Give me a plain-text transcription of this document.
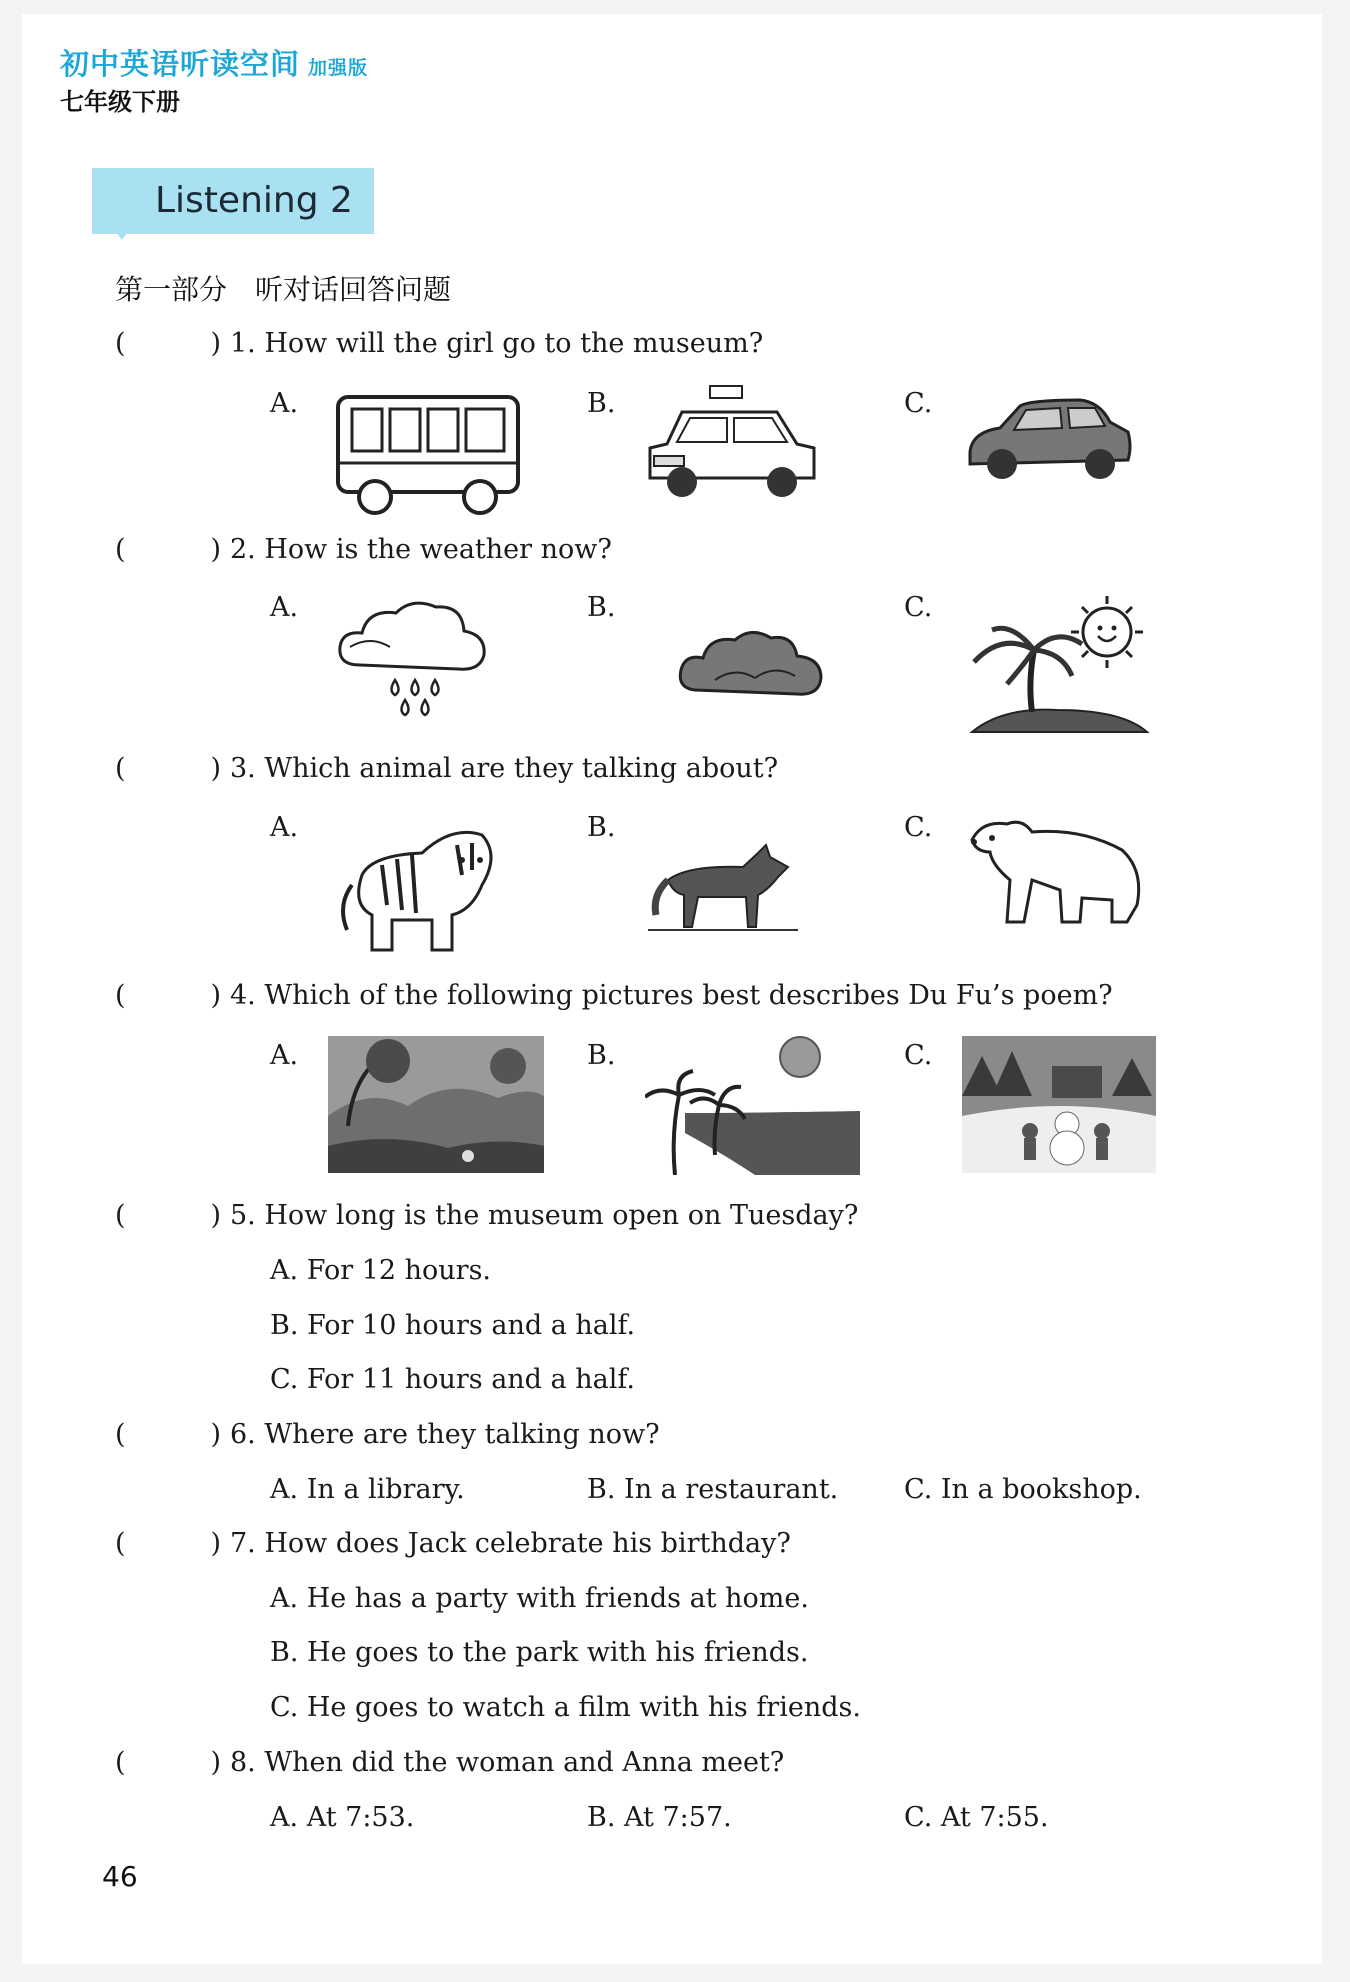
初中英语听读空间 加强版
七年级下册
Listening 2
第一部分　听对话回答问题
(	) 1. How will the girl go to the museum?
A.	B.	C.
(	) 2. How is the weather now?
A.	B.	C.
(	) 3. Which animal are they talking about?
A.	B.	C.
(	) 4. Which of the following pictures best describes Du Fu’s poem?
A.	B.	C.
(	) 5. How long is the museum open on Tuesday?
A. For 12 hours.
B. For 10 hours and a half.
C. For 11 hours and a half.
(	) 6. Where are they talking now?
A. In a library.	B. In a restaurant. C. In a bookshop.
(	) 7. How does Jack celebrate his birthday?
A. He has a party with friends at home.
B. He goes to the park with his friends.
C. He goes to watch a film with his friends.
(	) 8. When did the woman and Anna meet?
A. At 7:53.	B. At 7:57.	C. At 7:55.
46
